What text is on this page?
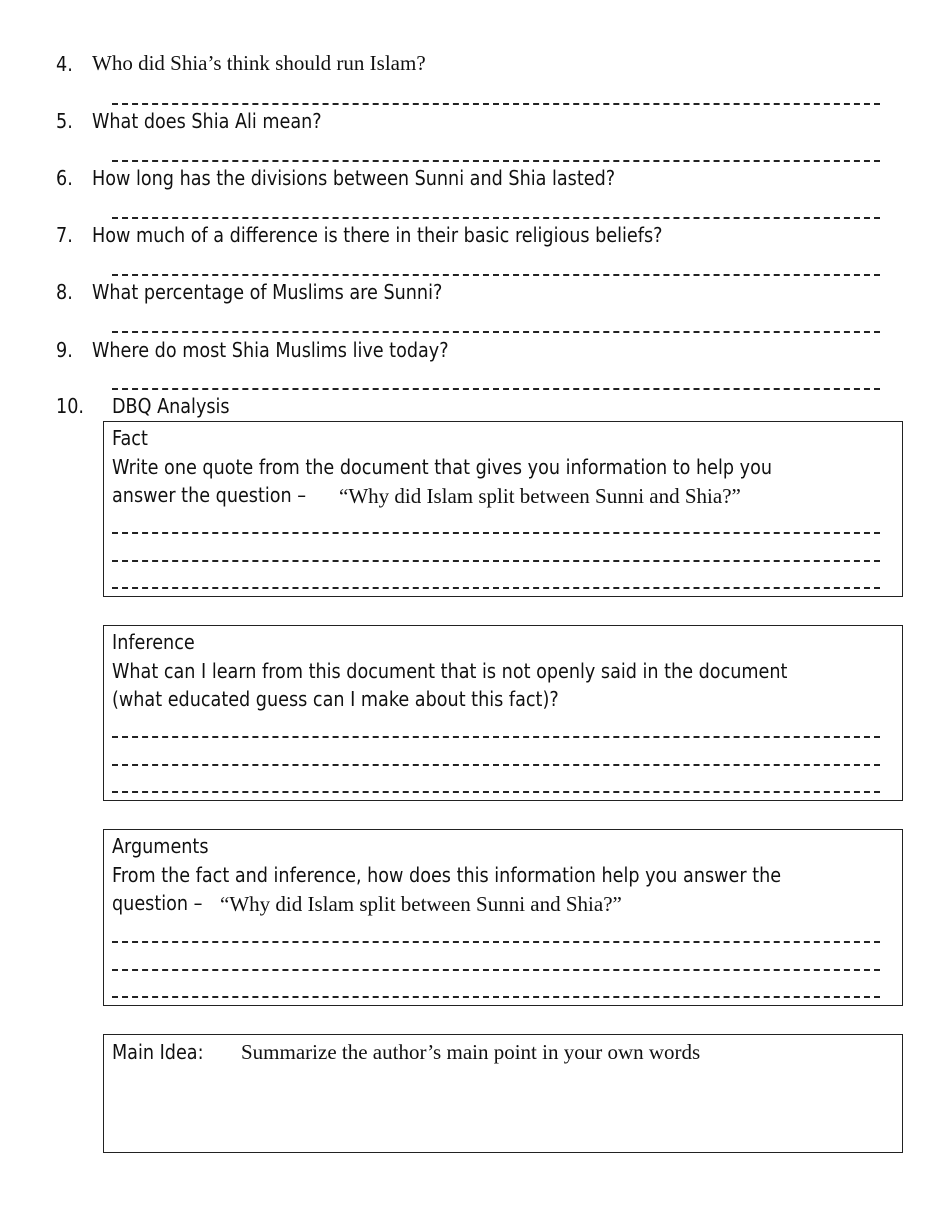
4. Who did Shia’s think should run Islam?
5. What does Shia Ali mean?
6. How long has the divisions between Sunni and Shia lasted?
7. How much of a difference is there in their basic religious beliefs?
8. What percentage of Muslims are Sunni?
9. Where do most Shia Muslims live today?
10. DBQ Analysis
Fact
Write one quote from the document that gives you information to help you
answer the question – “Why did Islam split between Sunni and Shia?”
Inference
What can I learn from this document that is not openly said in the document
(what educated guess can I make about this fact)?
Arguments
From the fact and inference, how does this information help you answer the
question – “Why did Islam split between Sunni and Shia?”
Main Idea: Summarize the author’s main point in your own words
